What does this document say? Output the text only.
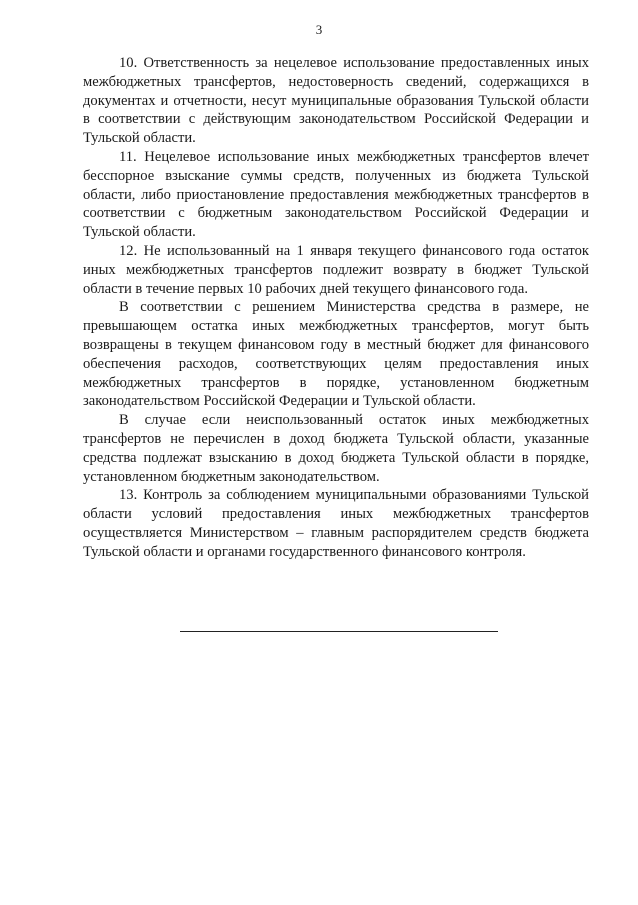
3

10. Ответственность за нецелевое использование предоставленных иных межбюджетных трансфертов, недостоверность сведений, содержащихся в документах и отчетности, несут муниципальные образования Тульской области в соответствии с действующим законодательством Российской Федерации и Тульской области.

11. Нецелевое использование иных межбюджетных трансфертов влечет бесспорное взыскание суммы средств, полученных из бюджета Тульской области, либо приостановление предоставления межбюджетных трансфертов в соответствии с бюджетным законодательством Российской Федерации и Тульской области.

12. Не использованный на 1 января текущего финансового года остаток иных межбюджетных трансфертов подлежит возврату в бюджет Тульской области в течение первых 10 рабочих дней текущего финансового года.

В соответствии с решением Министерства средства в размере, не превышающем остатка иных межбюджетных трансфертов, могут быть возвращены в текущем финансовом году в местный бюджет для финансового обеспечения расходов, соответствующих целям предоставления иных межбюджетных трансфертов в порядке, установленном бюджетным законодательством Российской Федерации и Тульской области.

В случае если неиспользованный остаток иных межбюджетных трансфертов не перечислен в доход бюджета Тульской области, указанные средства подлежат взысканию в доход бюджета Тульской области в порядке, установленном бюджетным законодательством.

13. Контроль за соблюдением муниципальными образованиями Тульской области условий предоставления иных межбюджетных трансфертов осуществляется Министерством – главным распорядителем средств бюджета Тульской области и органами государственного финансового контроля.
